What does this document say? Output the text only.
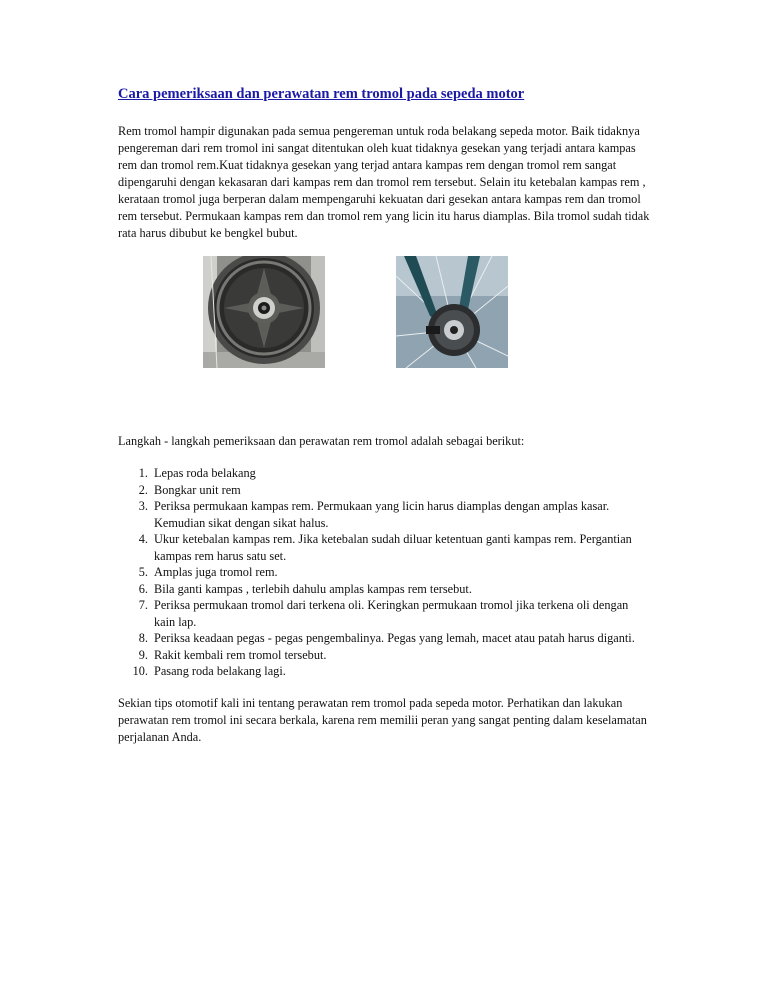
Cara pemeriksaan dan perawatan rem tromol pada sepeda motor

Rem tromol hampir digunakan pada semua pengereman untuk roda belakang sepeda motor. Baik tidaknya pengereman dari rem tromol ini sangat ditentukan oleh kuat tidaknya gesekan yang terjadi antara kampas rem dan tromol rem.Kuat tidaknya gesekan yang terjad antara kampas rem dengan tromol rem sangat dipengaruhi dengan kekasaran dari kampas rem dan tromol rem tersebut. Selain itu ketebalan kampas rem , kerataan tromol juga berperan dalam mempengaruhi kekuatan dari gesekan antara kampas rem dan tromol rem tersebut. Permukaan kampas rem dan tromol rem yang licin itu harus diamplas. Bila tromol sudah tidak rata harus dibubut ke bengkel bubut.

Langkah - langkah pemeriksaan dan perawatan rem tromol adalah sebagai berikut:

1. Lepas roda belakang
2. Bongkar unit rem
3. Periksa permukaan kampas rem. Permukaan yang licin harus diamplas dengan amplas kasar. Kemudian sikat dengan sikat halus.
4. Ukur ketebalan kampas rem. Jika ketebalan sudah diluar ketentuan ganti kampas rem. Pergantian kampas rem harus satu set.
5. Amplas juga tromol rem.
6. Bila ganti kampas , terlebih dahulu amplas kampas rem tersebut.
7. Periksa permukaan tromol dari terkena oli. Keringkan permukaan tromol jika terkena oli dengan kain lap.
8. Periksa keadaan pegas - pegas pengembalinya. Pegas yang lemah, macet atau patah harus diganti.
9. Rakit kembali rem tromol tersebut.
10. Pasang roda belakang lagi.

Sekian tips otomotif kali ini tentang perawatan rem tromol pada sepeda motor. Perhatikan dan lakukan perawatan rem tromol ini secara berkala, karena rem memilii peran yang sangat penting dalam keselamatan perjalanan Anda.
